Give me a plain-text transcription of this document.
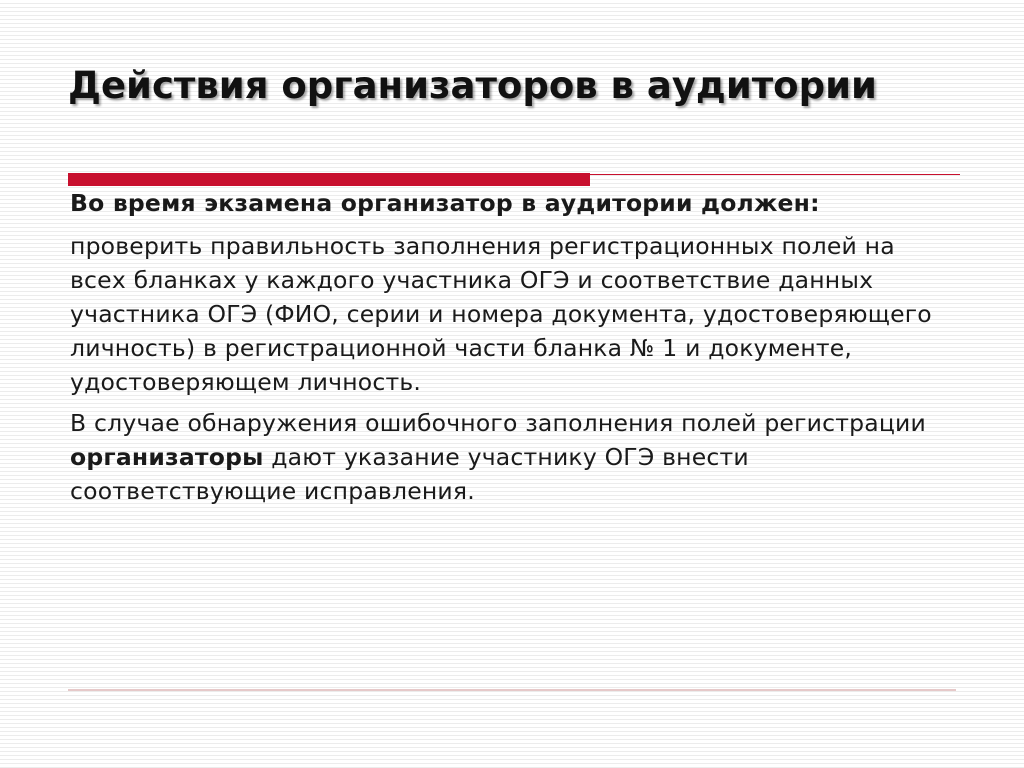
Действия организаторов в аудитории

Во время экзамена организатор в аудитории должен:

проверить правильность заполнения регистрационных полей на всех бланках у каждого участника ОГЭ и соответствие данных участника ОГЭ (ФИО, серии и номера документа, удостоверяющего личность) в регистрационной части бланка № 1 и документе, удостоверяющем личность.

В случае обнаружения ошибочного заполнения полей регистрации организаторы дают указание участнику ОГЭ внести соответствующие исправления.
